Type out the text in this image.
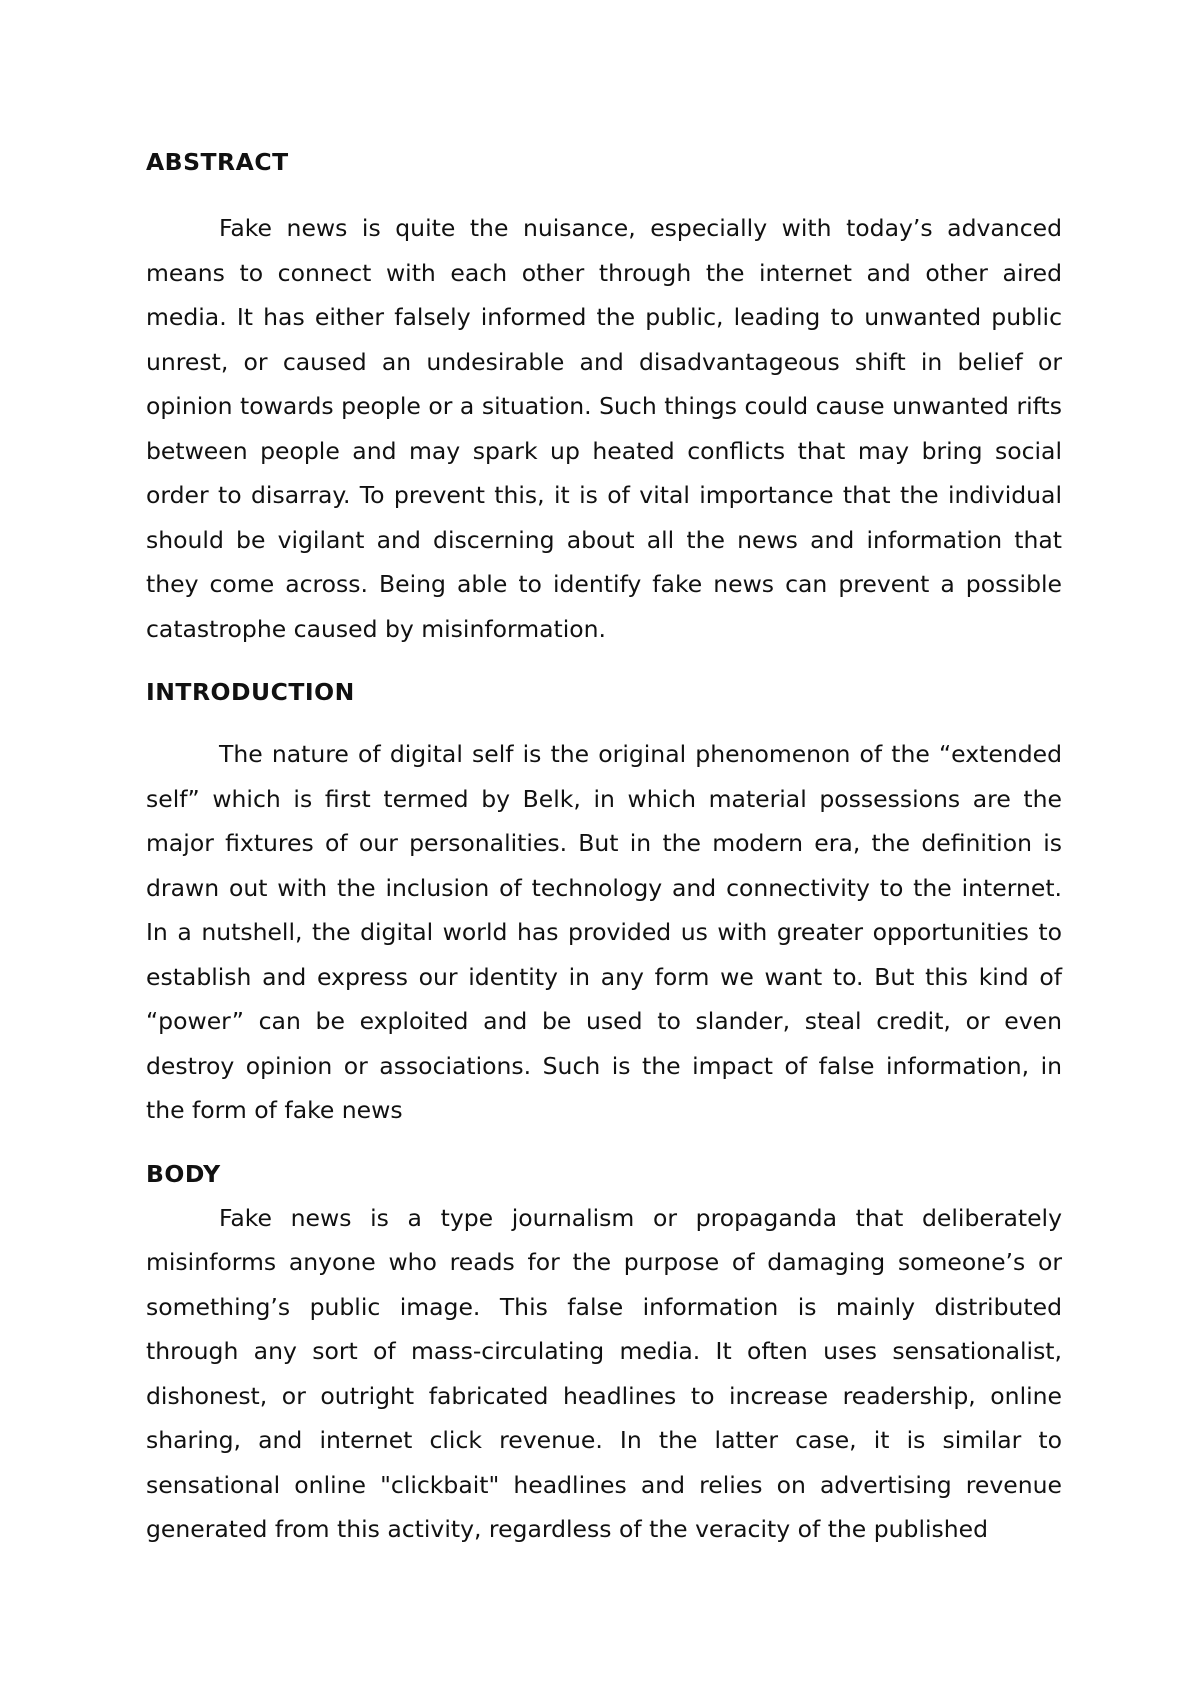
ABSTRACT

Fake news is quite the nuisance, especially with today’s advanced means to connect with each other through the internet and other aired media. It has either falsely informed the public, leading to unwanted public unrest, or caused an undesirable and disadvantageous shift in belief or opinion towards people or a situation. Such things could cause unwanted rifts between people and may spark up heated conflicts that may bring social order to disarray. To prevent this, it is of vital importance that the individual should be vigilant and discerning about all the news and information that they come across. Being able to identify fake news can prevent a possible catastrophe caused by misinformation.

INTRODUCTION

The nature of digital self is the original phenomenon of the “extended self” which is first termed by Belk, in which material possessions are the major fixtures of our personalities. But in the modern era, the definition is drawn out with the inclusion of technology and connectivity to the internet. In a nutshell, the digital world has provided us with greater opportunities to establish and express our identity in any form we want to. But this kind of “power” can be exploited and be used to slander, steal credit, or even destroy opinion or associations. Such is the impact of false information, in the form of fake news

BODY

Fake news is a type journalism or propaganda that deliberately misinforms anyone who reads for the purpose of damaging someone’s or something’s public image. This false information is mainly distributed through any sort of mass-circulating media. It often uses sensationalist, dishonest, or outright fabricated headlines to increase readership, online sharing, and internet click revenue. In the latter case, it is similar to sensational online "clickbait" headlines and relies on advertising revenue generated from this activity, regardless of the veracity of the published
